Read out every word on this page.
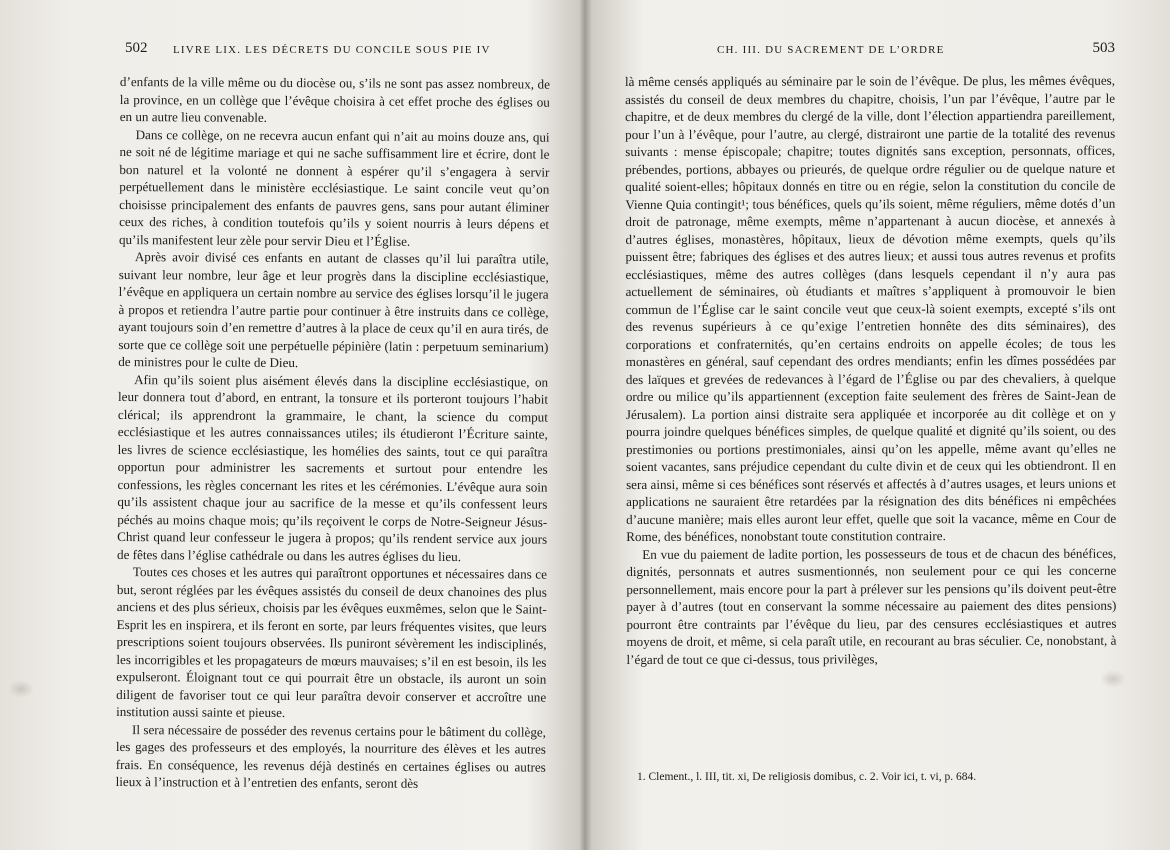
502 LIVRE LIX. LES DÉCRETS DU CONCILE SOUS PIE IV

d’enfants de la ville même ou du diocèse ou, s’ils ne sont pas assez nombreux, de la province, en un collège que l’évêque choisira à cet effet proche des églises ou en un autre lieu convenable.

Dans ce collège, on ne recevra aucun enfant qui n’ait au moins douze ans, qui ne soit né de légitime mariage et qui ne sache suffisamment lire et écrire, dont le bon naturel et la volonté ne donnent à espérer qu’il s’engagera à servir perpétuellement dans le ministère ecclésiastique. Le saint concile veut qu’on choisisse principalement des enfants de pauvres gens, sans pour autant éliminer ceux des riches, à condition toutefois qu’ils y soient nourris à leurs dépens et qu’ils manifestent leur zèle pour servir Dieu et l’Église.

Après avoir divisé ces enfants en autant de classes qu’il lui paraîtra utile, suivant leur nombre, leur âge et leur progrès dans la discipline ecclésiastique, l’évêque en appliquera un certain nombre au service des églises lorsqu’il le jugera à propos et retiendra l’autre partie pour continuer à être instruits dans ce collège, ayant toujours soin d’en remettre d’autres à la place de ceux qu’il en aura tirés, de sorte que ce collège soit une perpétuelle pépinière (latin : perpetuum seminarium) de ministres pour le culte de Dieu.

Afin qu’ils soient plus aisément élevés dans la discipline ecclésiastique, on leur donnera tout d’abord, en entrant, la tonsure et ils porteront toujours l’habit clérical; ils apprendront la grammaire, le chant, la science du comput ecclésiastique et les autres connaissances utiles; ils étudieront l’Écriture sainte, les livres de science ecclésiastique, les homélies des saints, tout ce qui paraîtra opportun pour administrer les sacrements et surtout pour entendre les confessions, les règles concernant les rites et les cérémonies. L’évêque aura soin qu’ils assistent chaque jour au sacrifice de la messe et qu’ils confessent leurs péchés au moins chaque mois; qu’ils reçoivent le corps de Notre-Seigneur Jésus-Christ quand leur confesseur le jugera à propos; qu’ils rendent service aux jours de fêtes dans l’église cathédrale ou dans les autres églises du lieu.

Toutes ces choses et les autres qui paraîtront opportunes et nécessaires dans ce but, seront réglées par les évêques assistés du conseil de deux chanoines des plus anciens et des plus sérieux, choisis par les évêques euxmêmes, selon que le Saint-Esprit les en inspirera, et ils feront en sorte, par leurs fréquentes visites, que leurs prescriptions soient toujours observées. Ils puniront sévèrement les indisciplinés, les incorrigibles et les propagateurs de mœurs mauvaises; s’il en est besoin, ils les expulseront. Éloignant tout ce qui pourrait être un obstacle, ils auront un soin diligent de favoriser tout ce qui leur paraîtra devoir conserver et accroître une institution aussi sainte et pieuse.

Il sera nécessaire de posséder des revenus certains pour le bâtiment du collège, les gages des professeurs et des employés, la nourriture des élèves et les autres frais. En conséquence, les revenus déjà destinés en certaines églises ou autres lieux à l’instruction et à l’entretien des enfants, seront dès

CH. III. DU SACREMENT DE L’ORDRE	503

là même censés appliqués au séminaire par le soin de l’évêque. De plus, les mêmes évêques, assistés du conseil de deux membres du chapitre, choisis, l’un par l’évêque, l’autre par le chapitre, et de deux membres du clergé de la ville, dont l’élection appartiendra pareillement, pour l’un à l’évêque, pour l’autre, au clergé, distrairont une partie de la totalité des revenus suivants : mense épiscopale; chapitre; toutes dignités sans exception, personnats, offices, prébendes, portions, abbayes ou prieurés, de quelque ordre régulier ou de quelque nature et qualité soient-elles; hôpitaux donnés en titre ou en régie, selon la constitution du concile de Vienne Quia contingit¹; tous bénéfices, quels qu’ils soient, même réguliers, même dotés d’un droit de patronage, même exempts, même n’appartenant à aucun diocèse, et annexés à d’autres églises, monastères, hôpitaux, lieux de dévotion même exempts, quels qu’ils puissent être; fabriques des églises et des autres lieux; et aussi tous autres revenus et profits ecclésiastiques, même des autres collèges (dans lesquels cependant il n’y aura pas actuellement de séminaires, où étudiants et maîtres s’appliquent à promouvoir le bien commun de l’Église car le saint concile veut que ceux-là soient exempts, excepté s’ils ont des revenus supérieurs à ce qu’exige l’entretien honnête des dits séminaires), des corporations et confraternités, qu’en certains endroits on appelle écoles; de tous les monastères en général, sauf cependant des ordres mendiants; enfin les dîmes possédées par des laïques et grevées de redevances à l’égard de l’Église ou par des chevaliers, à quelque ordre ou milice qu’ils appartiennent (exception faite seulement des frères de Saint-Jean de Jérusalem). La portion ainsi distraite sera appliquée et incorporée au dit collège et on y pourra joindre quelques bénéfices simples, de quelque qualité et dignité qu’ils soient, ou des prestimonies ou portions prestimoniales, ainsi qu’on les appelle, même avant qu’elles ne soient vacantes, sans préjudice cependant du culte divin et de ceux qui les obtiendront. Il en sera ainsi, même si ces bénéfices sont réservés et affectés à d’autres usages, et leurs unions et applications ne sauraient être retardées par la résignation des dits bénéfices ni empêchées d’aucune manière; mais elles auront leur effet, quelle que soit la vacance, même en Cour de Rome, des bénéfices, nonobstant toute constitution contraire.

En vue du paiement de ladite portion, les possesseurs de tous et de chacun des bénéfices, dignités, personnats et autres susmentionnés, non seulement pour ce qui les concerne personnellement, mais encore pour la part à prélever sur les pensions qu’ils doivent peut-être payer à d’autres (tout en conservant la somme nécessaire au paiement des dites pensions) pourront être contraints par l’évêque du lieu, par des censures ecclésiastiques et autres moyens de droit, et même, si cela paraît utile, en recourant au bras séculier. Ce, nonobstant, à l’égard de tout ce que ci-dessus, tous privilèges,

1. Clement., l. III, tit. xi, De religiosis domibus, c. 2. Voir ici, t. vi, p. 684.
